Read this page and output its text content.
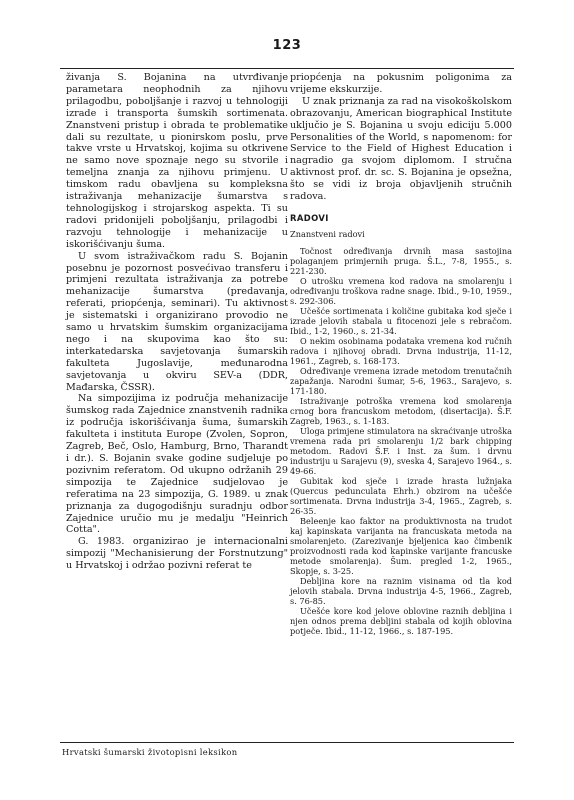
123

živanja S. Bojanina na utvrđivanje parametara neophodnih za njihovu prilagodbu, poboljšanje i razvoj u tehnologiji izrade i transporta šumskih sortimenata. Znanstveni pristup i obrada te problematike dali su rezultate, u pionirskom poslu, prve takve vrste u Hrvatskoj, kojima su otkrivene ne samo nove spoznaje nego su stvorile i temeljna znanja za njihovu primjenu. U timskom radu obavljena su kompleksna istraživanja mehanizacije šumarstva s tehnologijskog i strojarskog aspekta. Ti su radovi pridonijeli poboljšanju, prilagodbi i razvoju tehnologije i mehanizacije u iskorišćivanju šuma.

U svom istraživačkom radu S. Bojanin posebnu je pozornost posvećivao transferu i primjeni rezultata istraživanja za potrebe mehanizacije šumarstva (predavanja, referati, priopćenja, seminari). Tu aktivnost je sistematski i organizirano provodio ne samo u hrvatskim šumskim organizacijama nego i na skupovima kao što su: interkatedarska savjetovanja šumarskih fakulteta Jugoslavije, međunarodna savjetovanja u okviru SEV-a (DDR, Mađarska, ČSSR).

Na simpozijima iz područja mehanizacije šumskog rada Zajednice znanstvenih radnika iz područja iskorišćivanja šuma, šumarskih fakulteta i instituta Europe (Zvolen, Sopron, Zagreb, Beč, Oslo, Hamburg, Brno, Tharandt i dr.). S. Bojanin svake godine sudjeluje po pozivnim referatom. Od ukupno održanih 29 simpozija te Zajednice sudjelovao je referatima na 23 simpozija, G. 1989. u znak priznanja za dugogodišnju suradnju odbor Zajednice uručio mu je medalju "Heinrich Cotta".

G. 1983. organizirao je internacionalni simpozij "Mechanisierung der Forstnutzung" u Hrvatskoj i održao pozivni referat te

priopćenja na pokusnim poligonima za vrijeme ekskurzije.

U znak priznanja za rad na visokoškolskom obrazovanju, American biographical Institute uključio je S. Bojanina u svoju ediciju 5.000 Personalities of the World, s napomenom: for Service to the Field of Highest Education i nagradio ga svojom diplomom. I stručna aktivnost prof. dr. sc. S. Bojanina je opsežna, što se vidi iz broja objavljenih stručnih radova.

RADOVI
Znanstveni radovi

Točnost određivanja drvnih masa sastojina polaganjem primjernih pruga. Š.L., 7-8, 1955., s. 221-230.

O utrošku vremena kod radova na smolarenju i određivanju troškova radne snage. Ibid., 9-10, 1959., s. 292-306.

Učešće sortimenata i količine gubitaka kod sječe i izrade jelovih stabala u fitocenozi jele s rebračom. Ibid., 1-2, 1960., s. 21-34.

O nekim osobinama podataka vremena kod ručnih radova i njihovoj obradi. Drvna industrija, 11-12, 1961., Zagreb, s. 168-173.

Određivanje vremena izrade metodom trenutačnih zapažanja. Narodni šumar, 5-6, 1963., Sarajevo, s. 171-180.

Istraživanje potroška vremena kod smolarenja crnog bora francuskom metodom, (disertacija). Š.F. Zagreb, 1963., s. 1-183.

Uloga primjene stimulatora na skraćivanje utroška vremena rada pri smolarenju 1/2 bark chipping metodom. Radovi Š.F. i Inst. za šum. i drvnu industriju u Sarajevu (9), sveska 4, Sarajevo 1964., s. 49-66.

Gubitak kod sječe i izrade hrasta lužnjaka (Quercus pedunculata Ehrh.) obzirom na učešće sortimenata. Drvna industrija 3-4, 1965., Zagreb, s. 26-35.

Beleenje kao faktor na produktivnosta na trudot kaj kapinskata varijanta na francuskata metoda na smolarenjeto. (Zarezivanje bjeljenica kao čimbenik proizvodnosti rada kod kapinske varijante francuske metode smolarenja). Šum. pregled 1-2, 1965., Skopje, s. 3-25.

Debljina kore na raznim visinama od tla kod jelovih stabala. Drvna industrija 4-5, 1966., Zagreb, s. 76-85.

Učešće kore kod jelove oblovine raznih debljina i njen odnos prema debljini stabala od kojih oblovina potječe. Ibid., 11-12, 1966., s. 187-195.

Hrvatski šumarski životopisni leksikon
